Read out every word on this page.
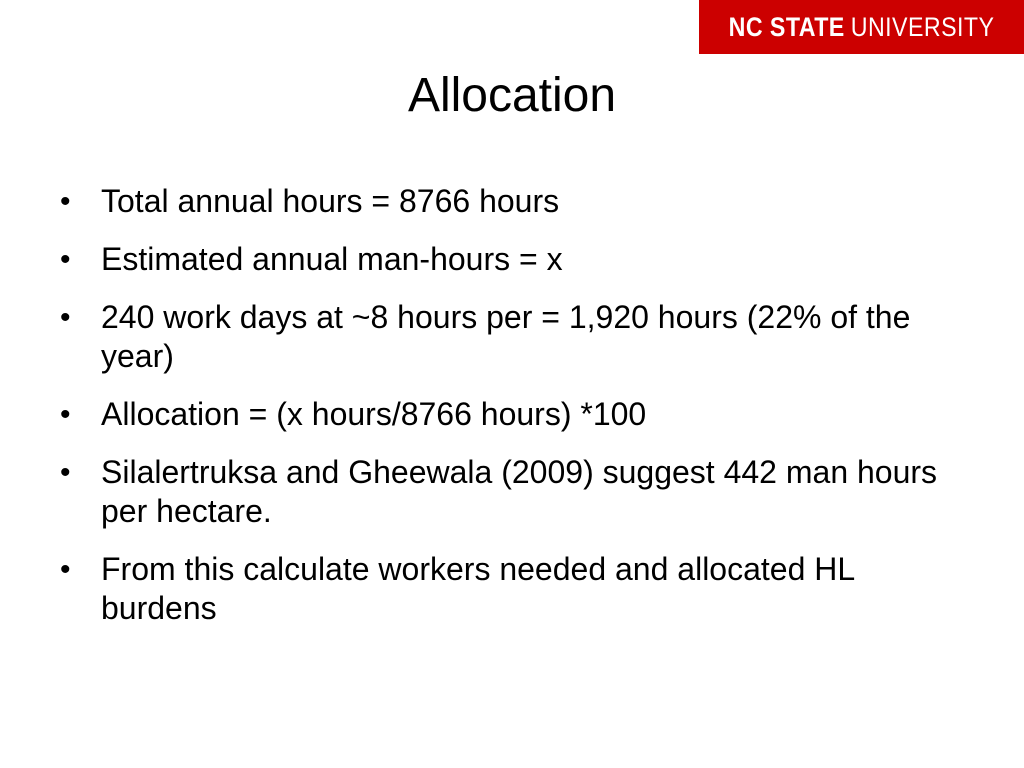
NC STATE UNIVERSITY
Allocation
• Total annual hours = 8766 hours
• Estimated annual man-hours = x
• 240 work days at ~8 hours per = 1,920 hours (22% of the year)
• Allocation = (x hours/8766 hours) *100
• Silalertruksa and Gheewala (2009) suggest 442 man hours per hectare.
• From this calculate workers needed and allocated HL burdens
